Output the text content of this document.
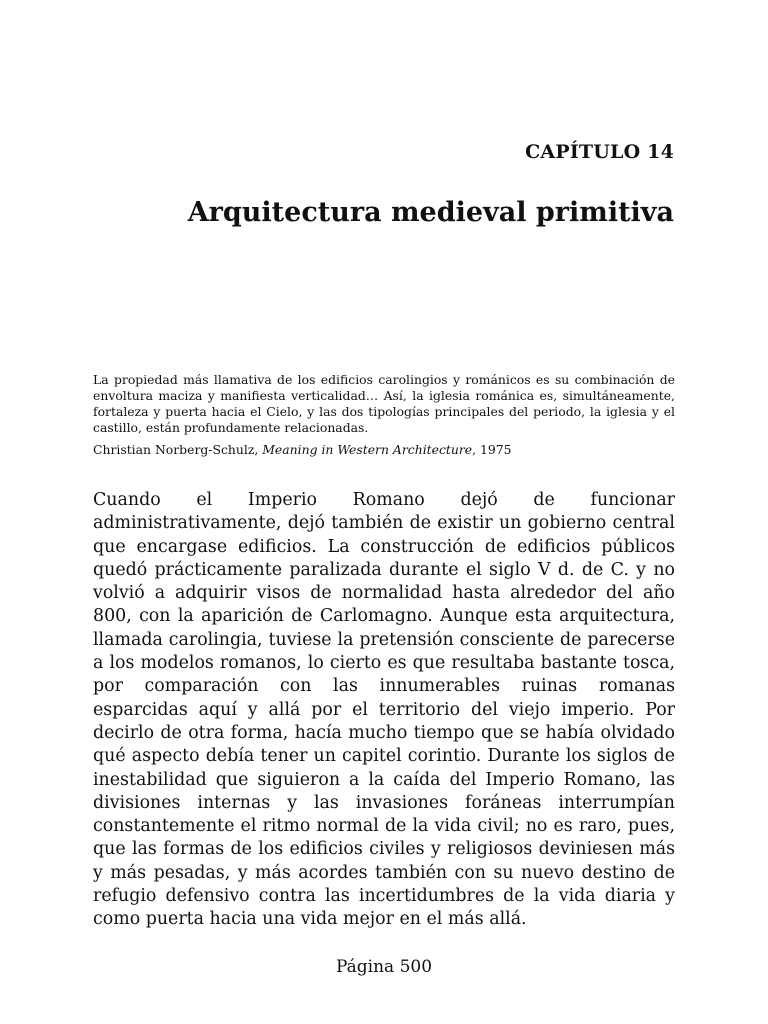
CAPÍTULO 14

Arquitectura medieval primitiva

La propiedad más llamativa de los edificios carolingios y románicos es su combinación de envoltura maciza y manifiesta verticalidad… Así, la iglesia románica es, simultáneamente, fortaleza y puerta hacia el Cielo, y las dos tipologías principales del periodo, la iglesia y el castillo, están profundamente relacionadas.

Christian Norberg-Schulz, Meaning in Western Architecture, 1975

Cuando el Imperio Romano dejó de funcionar administrativamente, dejó también de existir un gobierno central que encargase edificios. La construcción de edificios públicos quedó prácticamente paralizada durante el siglo V d. de C. y no volvió a adquirir visos de normalidad hasta alrededor del año 800, con la aparición de Carlomagno. Aunque esta arquitectura, llamada carolingia, tuviese la pretensión consciente de parecerse a los modelos romanos, lo cierto es que resultaba bastante tosca, por comparación con las innumerables ruinas romanas esparcidas aquí y allá por el territorio del viejo imperio. Por decirlo de otra forma, hacía mucho tiempo que se había olvidado qué aspecto debía tener un capitel corintio. Durante los siglos de inestabilidad que siguieron a la caída del Imperio Romano, las divisiones internas y las invasiones foráneas interrumpían constantemente el ritmo normal de la vida civil; no es raro, pues, que las formas de los edificios civiles y religiosos deviniesen más y más pesadas, y más acordes también con su nuevo destino de refugio defensivo contra las incertidumbres de la vida diaria y como puerta hacia una vida mejor en el más allá.

Página 500
